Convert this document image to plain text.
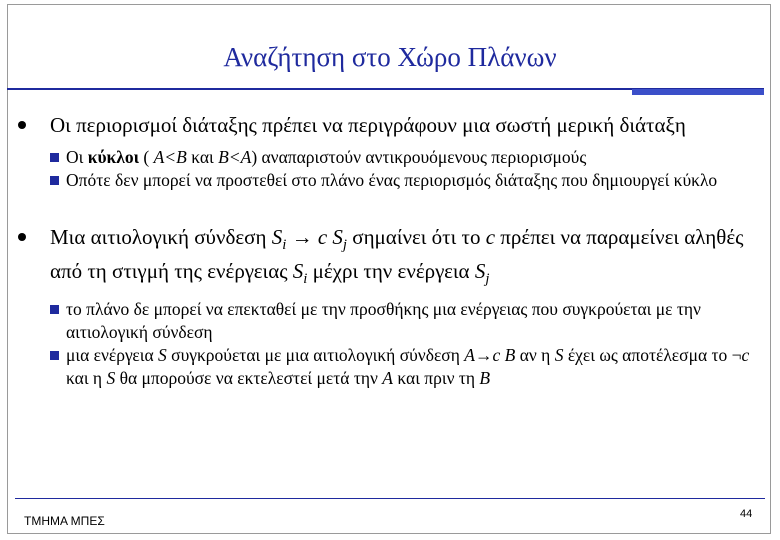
Αναζήτηση στο Χώρο Πλάνων
Οι περιορισμοί διάταξης πρέπει να περιγράφουν μια σωστή μερική διάταξη
Οι κύκλοι ( A<B και B<A) αναπαριστούν αντικρουόμενους περιορισμούς
Οπότε δεν μπορεί να προστεθεί στο πλάνο ένας περιορισμός διάταξης που δημιουργεί κύκλο
Μια αιτιολογική σύνδεση $S_i \to c$ $S_j$ σημαίνει ότι το c πρέπει να παραμείνει αληθές από τη στιγμή της ενέργειας $S_i$ μέχρι την ενέργεια $S_j$
το πλάνο δε μπορεί να επεκταθεί με την προσθήκης μια ενέργειας που συγκρούεται με την αιτιολογική σύνδεση
μια ενέργεια S συγκρούεται με μια αιτιολογική σύνδεση A→c B αν η S έχει ως αποτέλεσμα το ¬c και η S θα μπορούσε να εκτελεστεί μετά την A και πριν τη B
ΤΜΗΜΑ ΜΠΕΣ	44
